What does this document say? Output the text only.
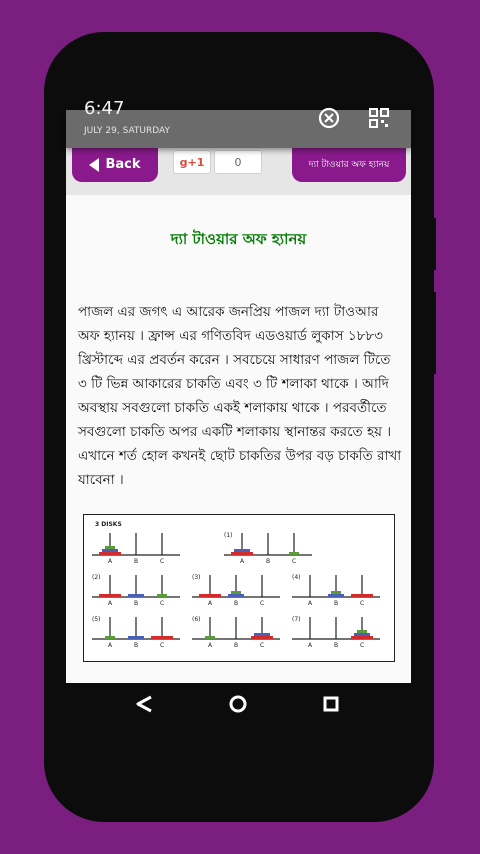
Back	g+1	0	দ্যা টাওয়ার অফ হ্যানয়
দ্যা টাওয়ার অফ হ্যানয়
পাজল এর জগৎ এ আরেক জনপ্রিয় পাজল দ্যা টাওআর অফ হ্যানয় । ফ্রান্স এর গণিতবিদ এডওয়ার্ড লুকাস ১৮৮৩ খ্রিস্টাব্দে এর প্রবর্তন করেন । সবচেয়ে সাধারণ পাজল টিতে ৩ টি ভিন্ন আকারের চাকতি এবং ৩ টি শলাকা থাকে । আদি অবস্থায় সবগুলো চাকতি একই শলাকায় থাকে । পরবর্তীতে সবগুলো চাকতি অপর একটি শলাকায় স্থানান্তর করতে হয় । এখানে শর্ত হোল কখনই ছোট চাকতির উপর বড় চাকতি রাখা যাবেনা ।
3 DISKS
A	B	C	A	B	C
(1)
A	B	C
(2)
A	B	C
(3)
A	B	C
(4)
A	B	C
(5)
A	B	C
(6)
A	B	C
(7)
6:47
JULY 29, SATURDAY
